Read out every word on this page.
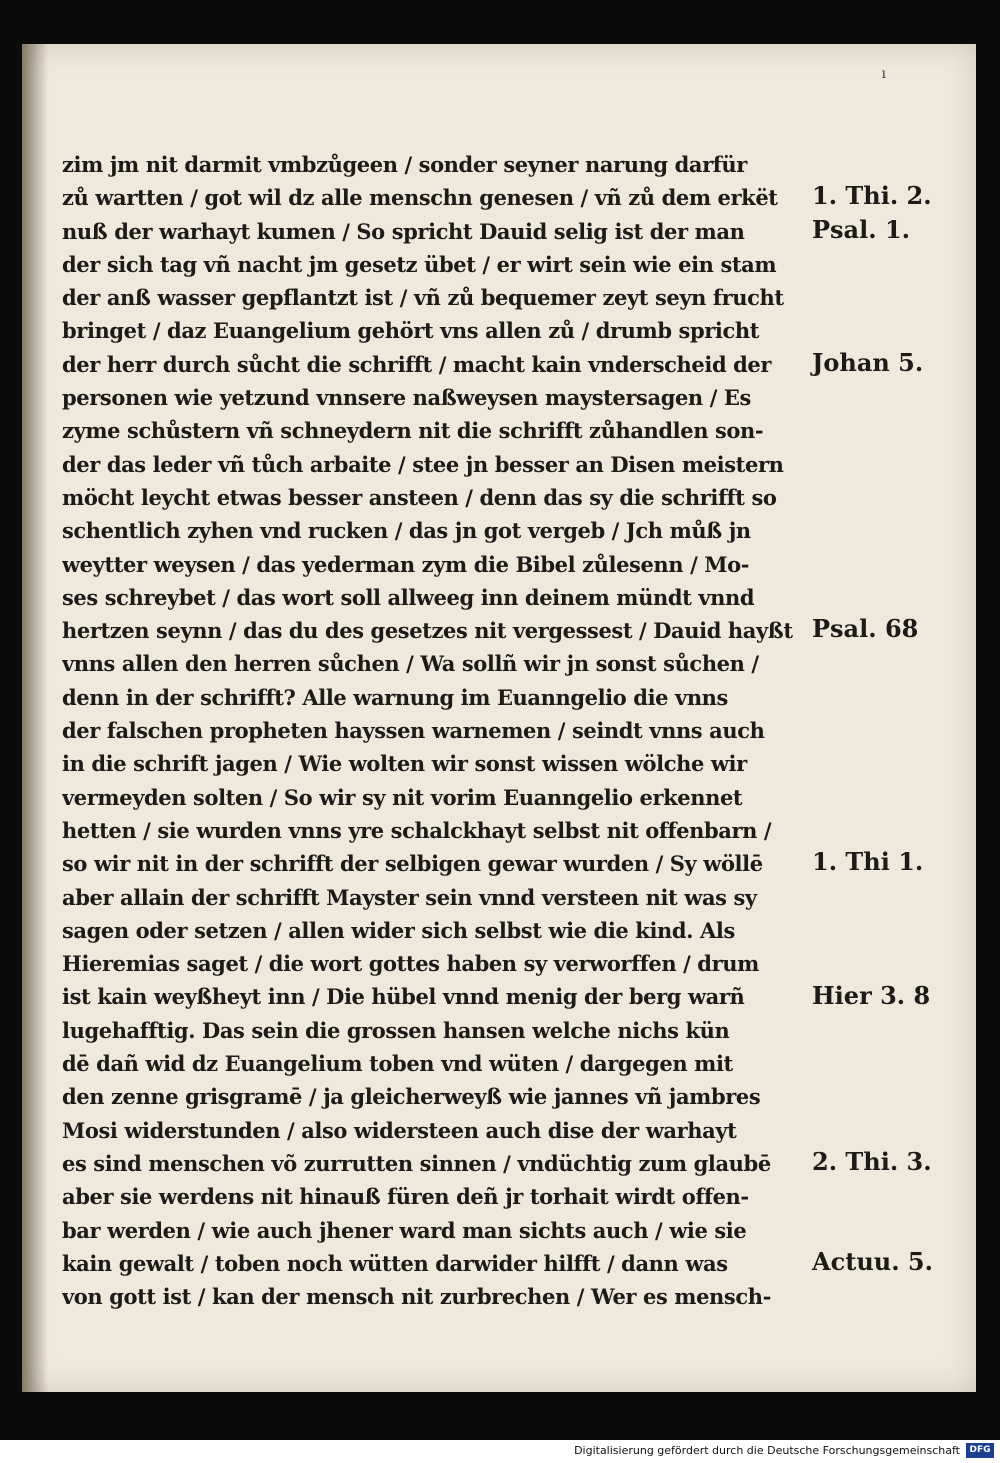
ı
zim jm nit darmit vmbzůgeen / sonder seyner narung darfür
zů wartten / got wil dz alle menschn genesen / vñ zů dem erkët
nuß der warhayt kumen / So spricht Dauid selig ist der man
der sich tag vñ nacht jm gesetz übet / er wirt sein wie ein stam
der anß wasser gepflantzt ist / vñ zů bequemer zeyt seyn frucht
bringet / daz Euangelium gehört vns allen zů / drumb spricht
der herr durch sůcht die schrifft / macht kain vnderscheid der
personen wie yetzund vnnsere naßweysen maystersagen / Es
zyme schůstern vñ schneydern nit die schrifft zůhandlen son-
der das leder vñ tůch arbaite / stee jn besser an Disen meistern
möcht leycht etwas besser ansteen / denn das sy die schrifft so
schentlich zyhen vnd rucken / das jn got vergeb / Jch můß jn
weytter weysen / das yederman zym die Bibel zůlesenn / Mo-
ses schreybet / das wort soll allweeg inn deinem mündt vnnd
hertzen seynn / das du des gesetzes nit vergessest / Dauid hayßt
vnns allen den herren sůchen / Wa sollñ wir jn sonst sůchen /
denn in der schrifft? Alle warnung im Euanngelio die vnns
der falschen propheten hayssen warnemen / seindt vnns auch
in die schrift jagen / Wie wolten wir sonst wissen wölche wir
vermeyden solten / So wir sy nit vorim Euanngelio erkennet
hetten / sie wurden vnns yre schalckhayt selbst nit offenbarn /
so wir nit in der schrifft der selbigen gewar wurden / Sy wöllē
aber allain der schrifft Mayster sein vnnd versteen nit was sy
sagen oder setzen / allen wider sich selbst wie die kind. Als
Hieremias saget / die wort gottes haben sy verworffen / drum
ist kain weyßheyt inn / Die hübel vnnd menig der berg warñ
lugehafftig. Das sein die grossen hansen welche nichs kün
dē dañ wid dz Euangelium toben vnd wüten / dargegen mit
den zenne grisgramē / ja gleicherweyß wie jannes vñ jambres
Mosi widerstunden / also widersteen auch dise der warhayt
es sind menschen võ zurrutten sinnen / vndüchtig zum glaubē
aber sie werdens nit hinauß füren deñ jr torhait wirdt offen-
bar werden / wie auch jhener ward man sichts auch / wie sie
kain gewalt / toben noch wütten darwider hilfft / dann was
von gott ist / kan der mensch nit zurbrechen / Wer es mensch-
1. Thi. 2.
Psal. 1.
Johan 5.
Psal. 68
1. Thi 1.
Hier 3. 8
2. Thi. 3.
Actuu. 5.
Digitalisierung gefördert durch die Deutsche Forschungsgemeinschaft	DFG
